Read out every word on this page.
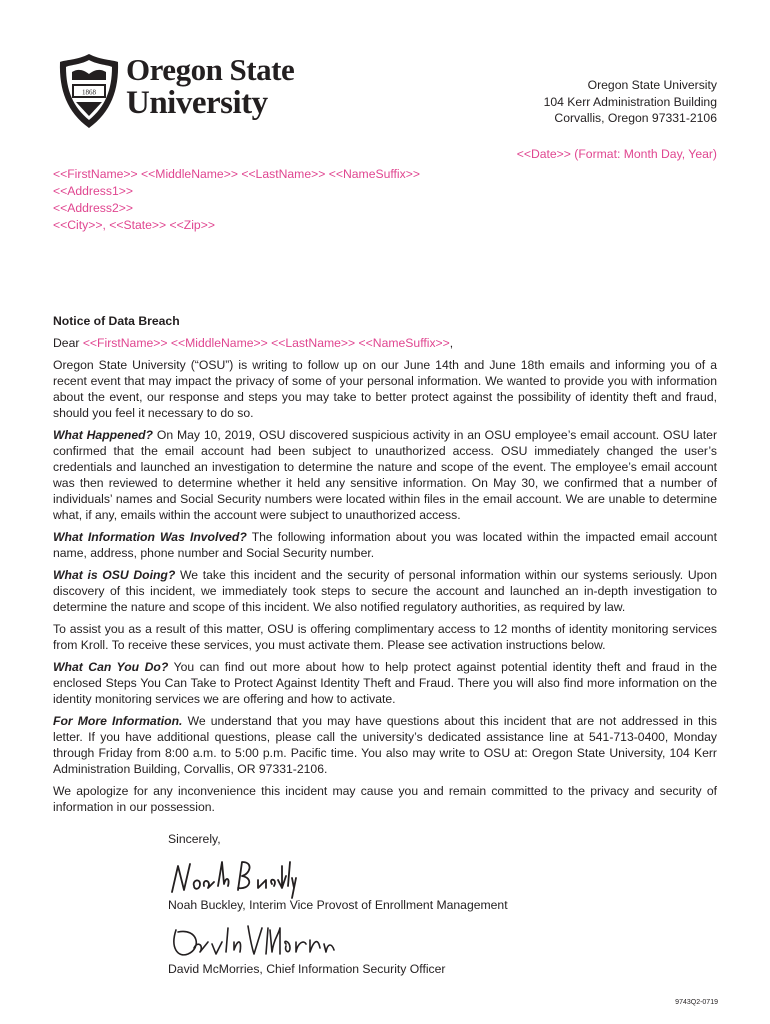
1868
Oregon State
University	Oregon State University
104 Kerr Administration Building
Corvallis, Oregon 97331-2106
<<Date>> (Format: Month Day, Year)
<<FirstName>> <<MiddleName>> <<LastName>> <<NameSuffix>>
<<Address1>>
<<Address2>>
<<City>>, <<State>> <<Zip>>
Notice of Data Breach

Dear <<FirstName>> <<MiddleName>> <<LastName>> <<NameSuffix>>,

Oregon State University (“OSU”) is writing to follow up on our June 14th and June 18th emails and informing you of a recent event that may impact the privacy of some of your personal information. We wanted to provide you with information about the event, our response and steps you may take to better protect against the possibility of identity theft and fraud, should you feel it necessary to do so.

What Happened? On May 10, 2019, OSU discovered suspicious activity in an OSU employee’s email account. OSU later confirmed that the email account had been subject to unauthorized access. OSU immediately changed the user’s credentials and launched an investigation to determine the nature and scope of the event. The employee’s email account was then reviewed to determine whether it held any sensitive information. On May 30, we confirmed that a number of individuals’ names and Social Security numbers were located within files in the email account. We are unable to determine what, if any, emails within the account were subject to unauthorized access.

What Information Was Involved? The following information about you was located within the impacted email account name, address, phone number and Social Security number.

What is OSU Doing? We take this incident and the security of personal information within our systems seriously. Upon discovery of this incident, we immediately took steps to secure the account and launched an in-depth investigation to determine the nature and scope of this incident. We also notified regulatory authorities, as required by law.

To assist you as a result of this matter, OSU is offering complimentary access to 12 months of identity monitoring services from Kroll. To receive these services, you must activate them. Please see activation instructions below.

What Can You Do? You can find out more about how to help protect against potential identity theft and fraud in the enclosed Steps You Can Take to Protect Against Identity Theft and Fraud. There you will also find more information on the identity monitoring services we are offering and how to activate.

For More Information. We understand that you may have questions about this incident that are not addressed in this letter. If you have additional questions, please call the university’s dedicated assistance line at 541-713-0400, Monday through Friday from 8:00 a.m. to 5:00 p.m. Pacific time. You also may write to OSU at: Oregon State University, 104 Kerr Administration Building, Corvallis, OR 97331-2106.

We apologize for any inconvenience this incident may cause you and remain committed to the privacy and security of information in our possession.

Sincerely,
Noah Buckley, Interim Vice Provost of Enrollment Management
David McMorries, Chief Information Security Officer
9743Q2-0719
